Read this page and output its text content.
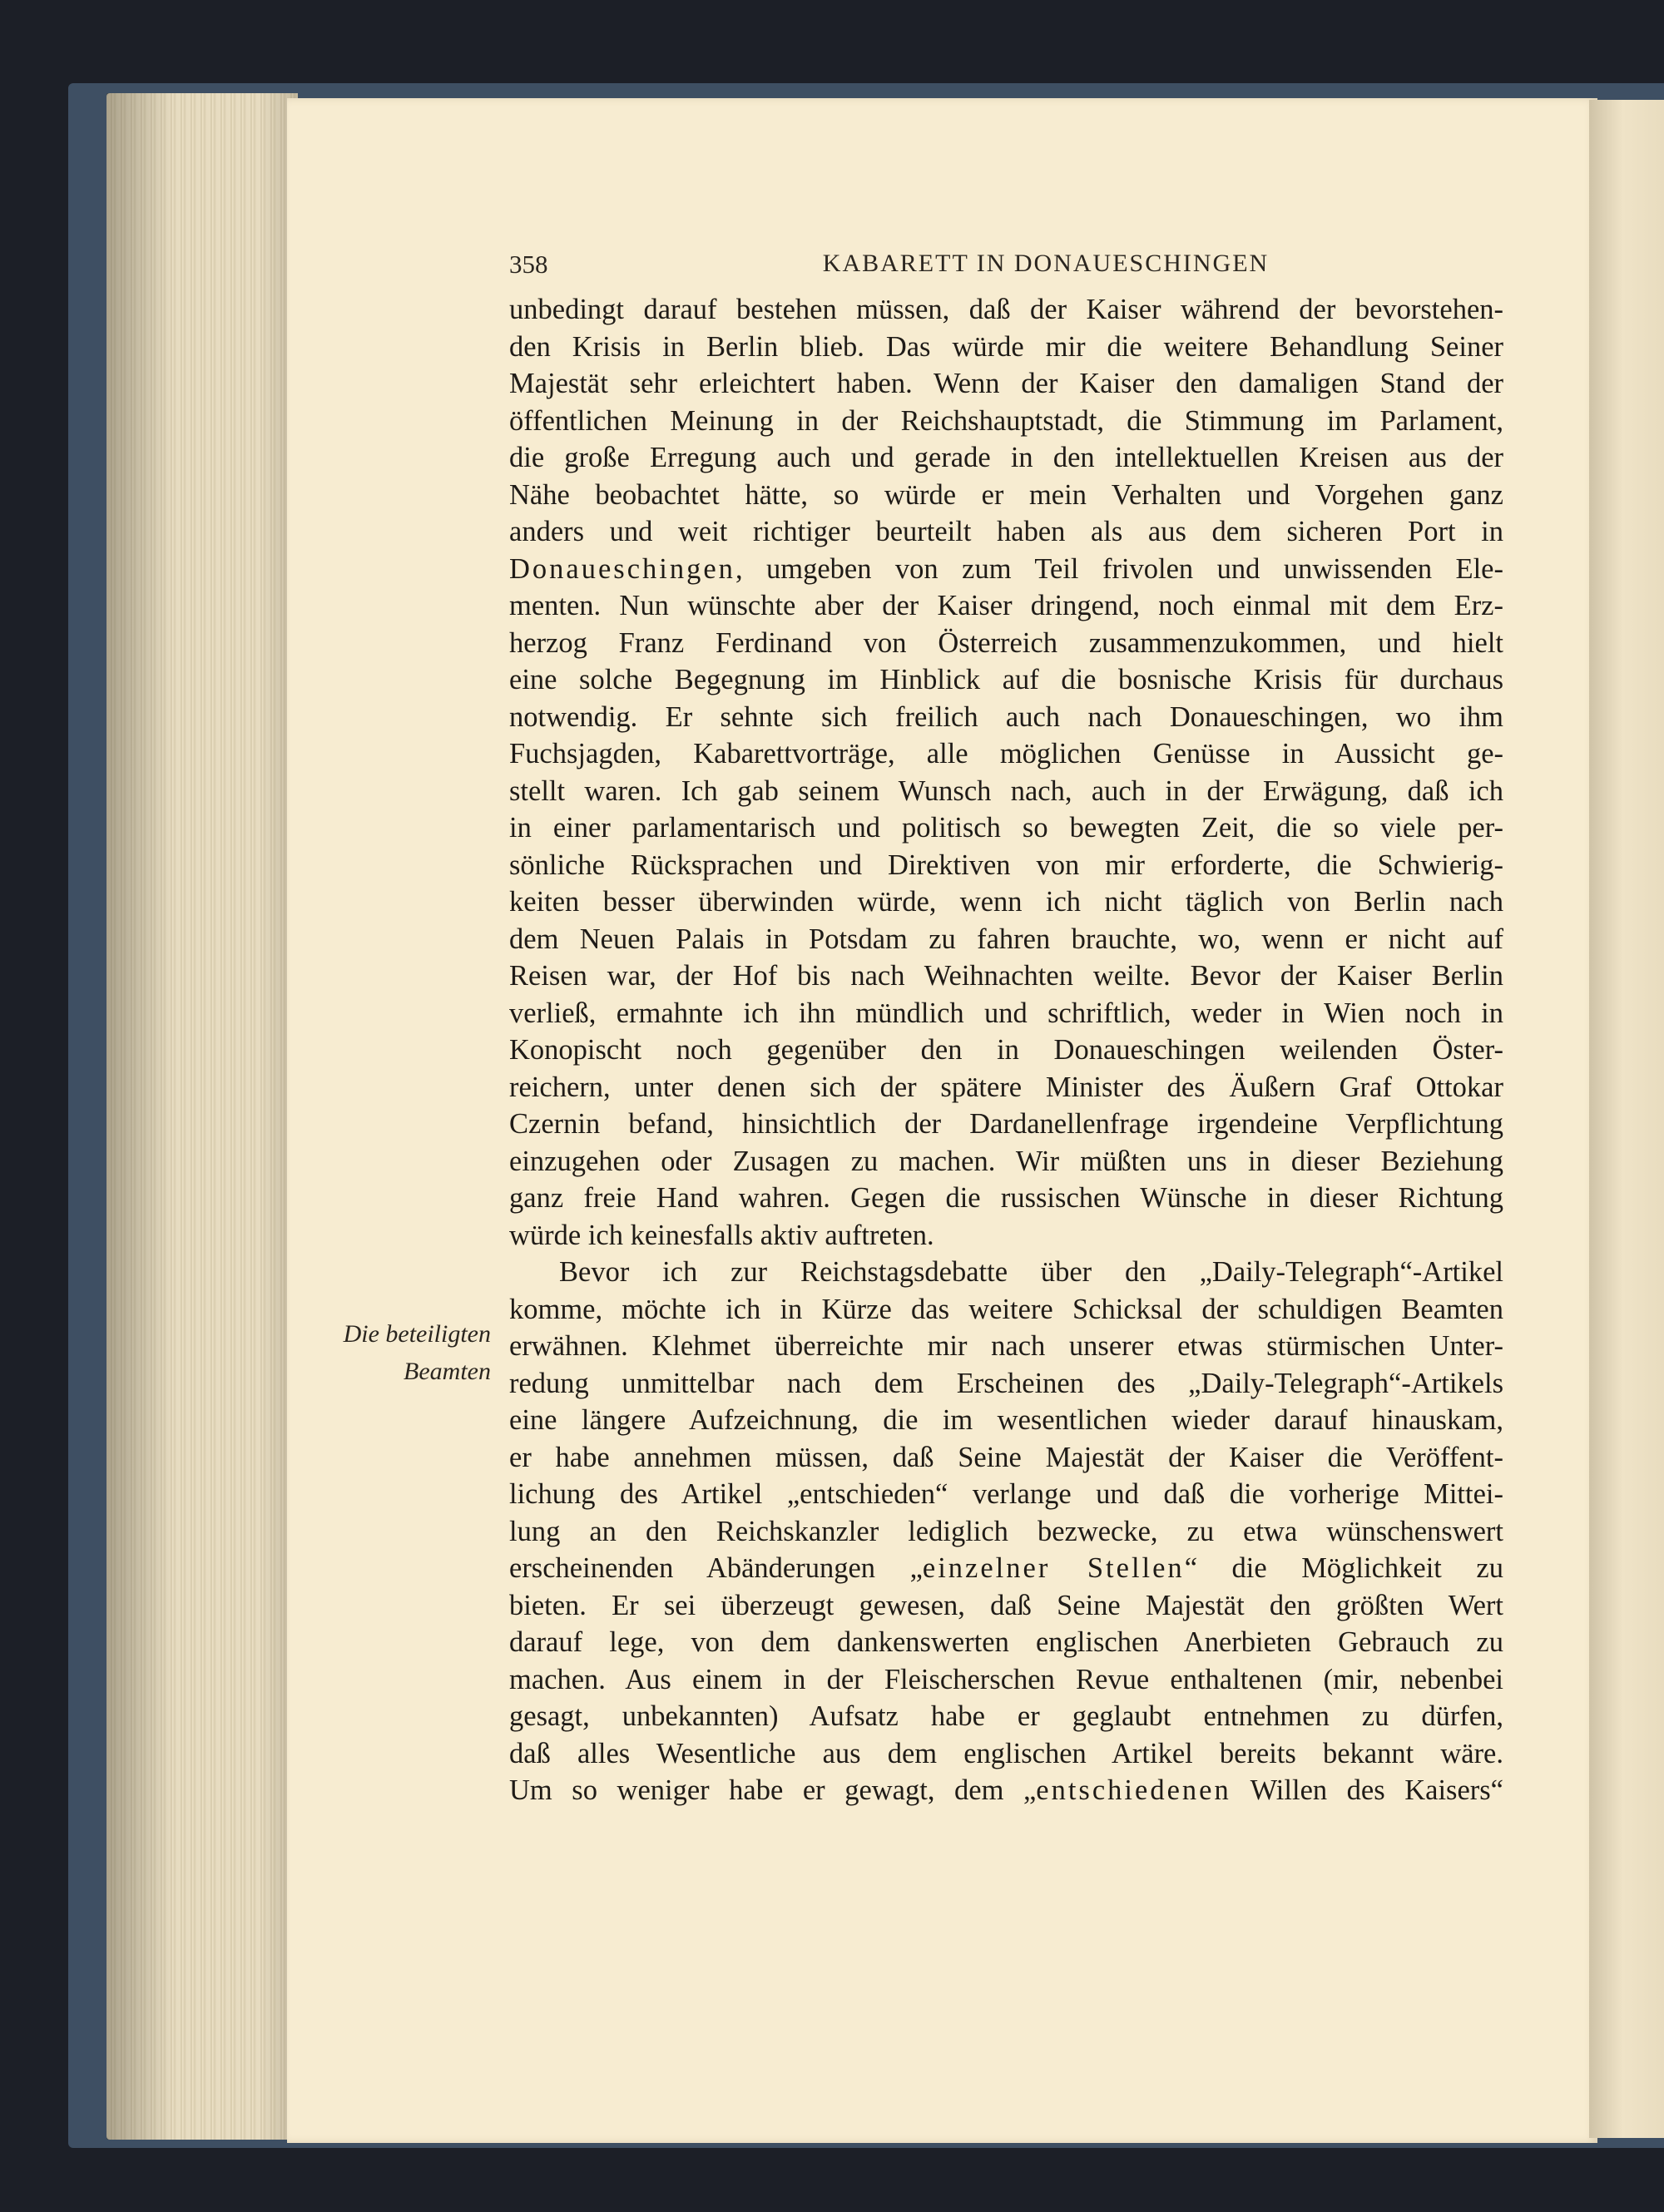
358	KABARETT IN DONAUESCHINGEN
Die beteiligten
Beamten
unbedingt darauf bestehen müssen, daß der Kaiser während der bevorstehen-
den Krisis in Berlin blieb. Das würde mir die weitere Behandlung Seiner
Majestät sehr erleichtert haben. Wenn der Kaiser den damaligen Stand der
öffentlichen Meinung in der Reichshauptstadt, die Stimmung im Parlament,
die große Erregung auch und gerade in den intellektuellen Kreisen aus der
Nähe beobachtet hätte, so würde er mein Verhalten und Vorgehen ganz
anders und weit richtiger beurteilt haben als aus dem sicheren Port in
Donaueschingen, umgeben von zum Teil frivolen und unwissenden Ele-
menten. Nun wünschte aber der Kaiser dringend, noch einmal mit dem Erz-
herzog Franz Ferdinand von Österreich zusammenzukommen, und hielt
eine solche Begegnung im Hinblick auf die bosnische Krisis für durchaus
notwendig. Er sehnte sich freilich auch nach Donaueschingen, wo ihm
Fuchsjagden, Kabarettvorträge, alle möglichen Genüsse in Aussicht ge-
stellt waren. Ich gab seinem Wunsch nach, auch in der Erwägung, daß ich
in einer parlamentarisch und politisch so bewegten Zeit, die so viele per-
sönliche Rücksprachen und Direktiven von mir erforderte, die Schwierig-
keiten besser überwinden würde, wenn ich nicht täglich von Berlin nach
dem Neuen Palais in Potsdam zu fahren brauchte, wo, wenn er nicht auf
Reisen war, der Hof bis nach Weihnachten weilte. Bevor der Kaiser Berlin
verließ, ermahnte ich ihn mündlich und schriftlich, weder in Wien noch in
Konopischt noch gegenüber den in Donaueschingen weilenden Öster-
reichern, unter denen sich der spätere Minister des Äußern Graf Ottokar
Czernin befand, hinsichtlich der Dardanellenfrage irgendeine Verpflichtung
einzugehen oder Zusagen zu machen. Wir müßten uns in dieser Beziehung
ganz freie Hand wahren. Gegen die russischen Wünsche in dieser Richtung
würde ich keinesfalls aktiv auftreten.
Bevor ich zur Reichstagsdebatte über den „Daily-Telegraph“-Artikel
komme, möchte ich in Kürze das weitere Schicksal der schuldigen Beamten
erwähnen. Klehmet überreichte mir nach unserer etwas stürmischen Unter-
redung unmittelbar nach dem Erscheinen des „Daily-Telegraph“-Artikels
eine längere Aufzeichnung, die im wesentlichen wieder darauf hinauskam,
er habe annehmen müssen, daß Seine Majestät der Kaiser die Veröffent-
lichung des Artikel „entschieden“ verlange und daß die vorherige Mittei-
lung an den Reichskanzler lediglich bezwecke, zu etwa wünschenswert
erscheinenden Abänderungen „einzelner Stellen“ die Möglichkeit zu
bieten. Er sei überzeugt gewesen, daß Seine Majestät den größten Wert
darauf lege, von dem dankenswerten englischen Anerbieten Gebrauch zu
machen. Aus einem in der Fleischerschen Revue enthaltenen (mir, nebenbei
gesagt, unbekannten) Aufsatz habe er geglaubt entnehmen zu dürfen,
daß alles Wesentliche aus dem englischen Artikel bereits bekannt wäre.
Um so weniger habe er gewagt, dem „entschiedenen Willen des Kaisers“
